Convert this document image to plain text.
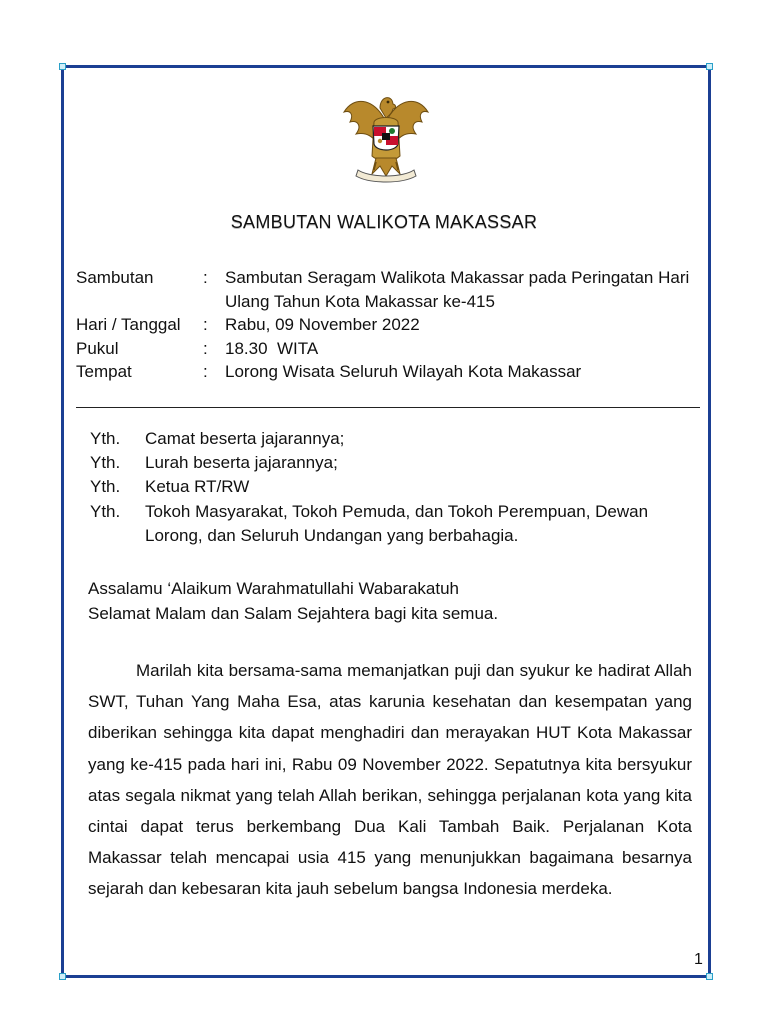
SAMBUTAN WALIKOTA MAKASSAR
Sambutan	:	Sambutan Seragam Walikota Makassar pada Peringatan Hari Ulang Tahun Kota Makassar ke-415
Hari / Tanggal	:	Rabu, 09 November 2022
Pukul	:	18.30  WITA
Tempat	:	Lorong Wisata Seluruh Wilayah Kota Makassar
Yth.	Camat beserta jajarannya;
Yth.	Lurah beserta jajarannya;
Yth.	Ketua RT/RW
Yth.	Tokoh Masyarakat, Tokoh Pemuda, dan Tokoh Perempuan, Dewan Lorong, dan Seluruh Undangan yang berbahagia.
Assalamu ‘Alaikum Warahmatullahi Wabarakatuh
Selamat Malam dan Salam Sejahtera bagi kita semua.
Marilah kita bersama-sama memanjatkan puji dan syukur ke hadirat Allah SWT, Tuhan Yang Maha Esa, atas karunia kesehatan dan kesempatan yang diberikan sehingga kita dapat menghadiri dan merayakan HUT Kota Makassar yang ke-415 pada hari ini, Rabu 09 November 2022. Sepatutnya kita bersyukur atas segala nikmat yang telah Allah berikan, sehingga perjalanan kota yang kita cintai dapat terus berkembang Dua Kali Tambah Baik. Perjalanan Kota Makassar telah mencapai usia 415 yang menunjukkan bagaimana besarnya sejarah dan kebesaran kita jauh sebelum bangsa Indonesia merdeka.
1
